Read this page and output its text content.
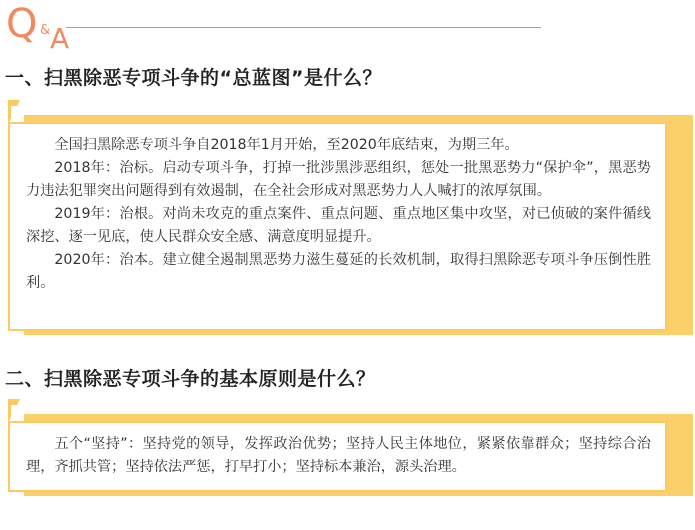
Q & A
一、扫黑除恶专项斗争的“总蓝图”是什么？

全国扫黑除恶专项斗争自2018年1月开始，至2020年底结束，为期三年。

2018年：治标。启动专项斗争，打掉一批涉黑涉恶组织，惩处一批黑恶势力“保护伞”，黑恶势力违法犯罪突出问题得到有效遏制，在全社会形成对黑恶势力人人喊打的浓厚氛围。

2019年：治根。对尚未攻克的重点案件、重点问题、重点地区集中攻坚，对已侦破的案件循线深挖、逐一见底，使人民群众安全感、满意度明显提升。

2020年：治本。建立健全遏制黑恶势力滋生蔓延的长效机制，取得扫黑除恶专项斗争压倒性胜利。

二、扫黑除恶专项斗争的基本原则是什么？

五个“坚持”：坚持党的领导，发挥政治优势；坚持人民主体地位，紧紧依靠群众；坚持综合治理，齐抓共管；坚持依法严惩，打早打小；坚持标本兼治，源头治理。
